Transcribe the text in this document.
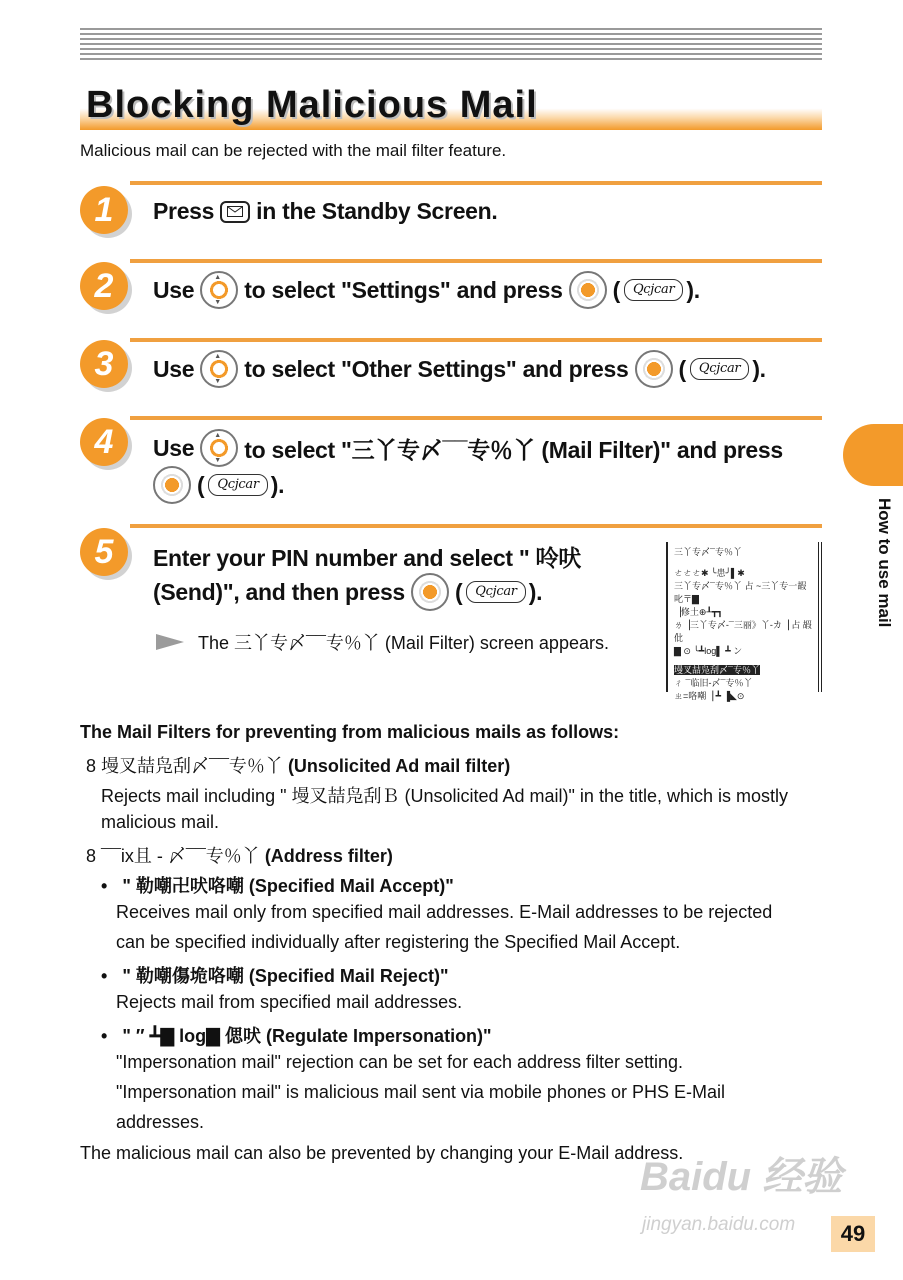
Blocking Malicious Mail
Malicious mail can be rejected with the mail filter feature.
1	Press in the Standby Screen.
2	Use ▲ ▼ to select "Settings" and press (	Qcjcar ).
3	Use ▲ ▼ to select "Other Settings" and press (	Qcjcar ).
4	Use ▲ ▼ to select "三丫专〆¯¯专％丫 (Mail Filter)" and press
(	Qcjcar ).
5	Enter your PIN number and select " 呤吠
(Send)", and then press (	Qcjcar ).
The 三丫专〆¯¯专％丫 (Mail Filter) screen appears.
三丫专〆¯专％丫
ㄜㄜㄜ✱ ╰患╯▌✱
三丫专〆¯专％丫 占 ~三丫专一嘏叱〒▇
▕修土⊕┸┳┓
ㄌ▕三丫专〆-¯三丽》丫-カ▕ 占 嘏仳
▇ ⊙ ╰┻log▌ ┻ ン
墁叉喆凫刮〆¯专％丫
ㄔ ¯临旧-〆¯专％丫
ㄓ=咯嘲▕ ┻ ▐◣⊙
How to use mail
The Mail Filters for preventing from malicious mails as follows:
8 墁叉喆凫刮〆¯¯专％丫 (Unsolicited Ad mail filter)
Rejects mail including " 墁叉喆凫刮Ｂ (Unsolicited Ad mail)" in the title, which is mostly
malicious mail.
8 ¯¯ix且 - 〆¯¯专％丫 (Address filter)
• " 勒嘲卍吠咯嘲 (Specified Mail Accept)"
Receives mail only from specified mail addresses. E-Mail addresses to be rejected
can be specified individually after registering the Specified Mail Accept.
• " 勒嘲傷垝咯嘲 (Specified Mail Reject)"
Rejects mail from specified mail addresses.
• " ″ ┻▇ log▇ 偲吠 (Regulate Impersonation)"
"Impersonation mail" rejection can be set for each address filter setting.
"Impersonation mail" is malicious mail sent via mobile phones or PHS E-Mail
addresses.
The malicious mail can also be prevented by changing your E-Mail address.
Baidu 经验
jingyan.baidu.com	49
